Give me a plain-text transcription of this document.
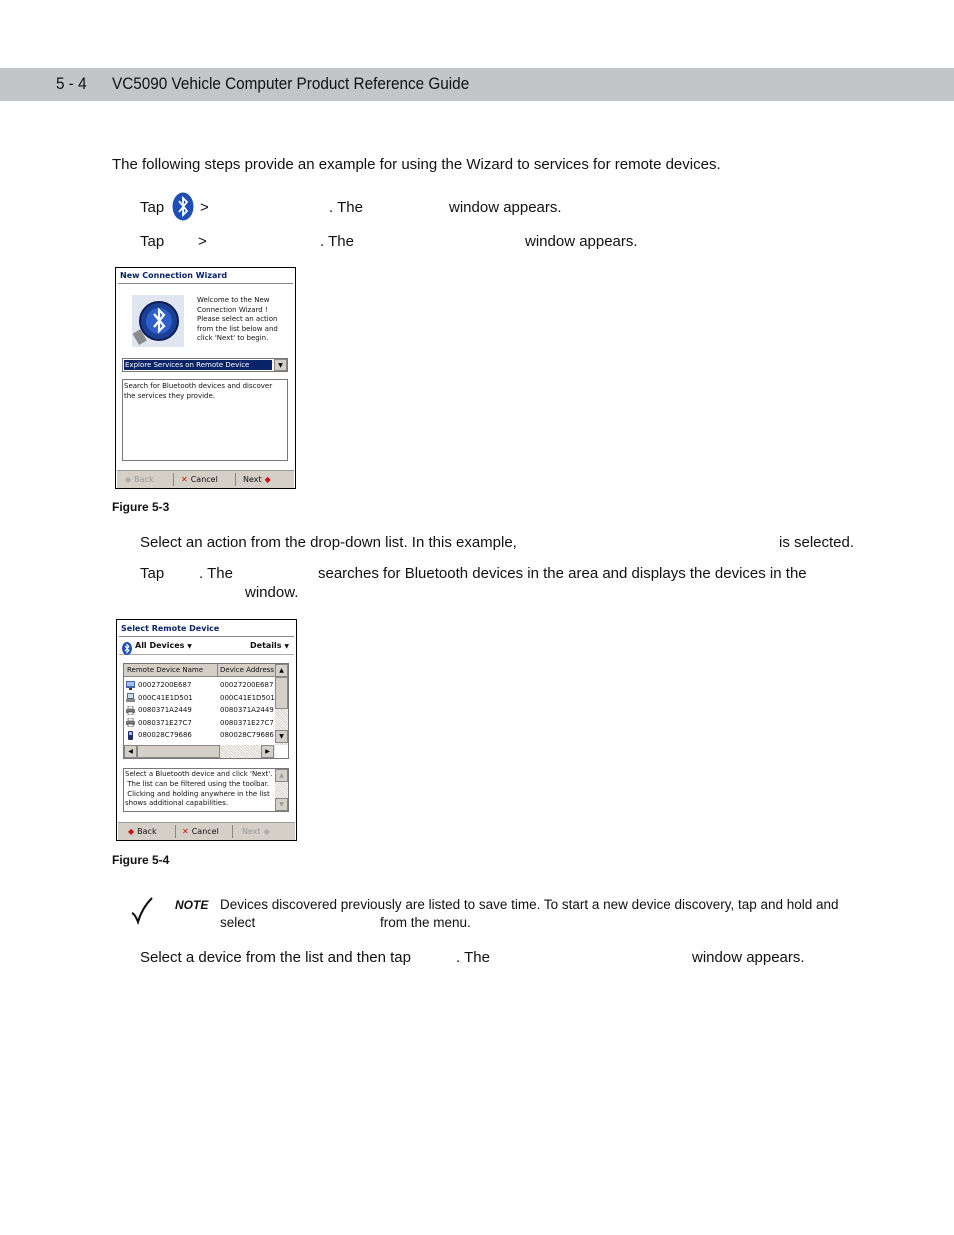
5 - 4 VC5090 Vehicle Computer Product Reference Guide
The following steps provide an example for using the Wizard to services for remote devices.
Tap >	. The	window appears.
Tap >	. The	window appears.
New Connection Wizard
Welcome to the New
Connection Wizard !
Please select an action
from the list below and
click 'Next' to begin.
Explore Services on Remote Device	▼
Search for Bluetooth devices and discover
the services they provide.
◆ Back	✕ Cancel	Next ◆
Figure 5-3
Select an action from the drop-down list. In this example,	is selected.
Tap . The	searches for Bluetooth devices in the area and displays the devices in the
window.
Select Remote Device
All Devices ▼	Details ▼
Remote Device Name Device Address
00027200E687	00027200E687
000C41E1D501	000C41E1D501
0080371A2449	0080371A2449
0080371E27C7	0080371E27C7
080028C79686	080028C79686
▲
▼
◀	▶
Select a Bluetooth device and click 'Next'.
The list can be filtered using the toolbar.
Clicking and holding anywhere in the list
shows additional capabilities.
▲
▼
◆ Back	✕ Cancel	Next ◆
Figure 5-4
NOTE Devices discovered previously are listed to save time. To start a new device discovery, tap and hold and
select	from the menu.
Select a device from the list and then tap	. The	window appears.
